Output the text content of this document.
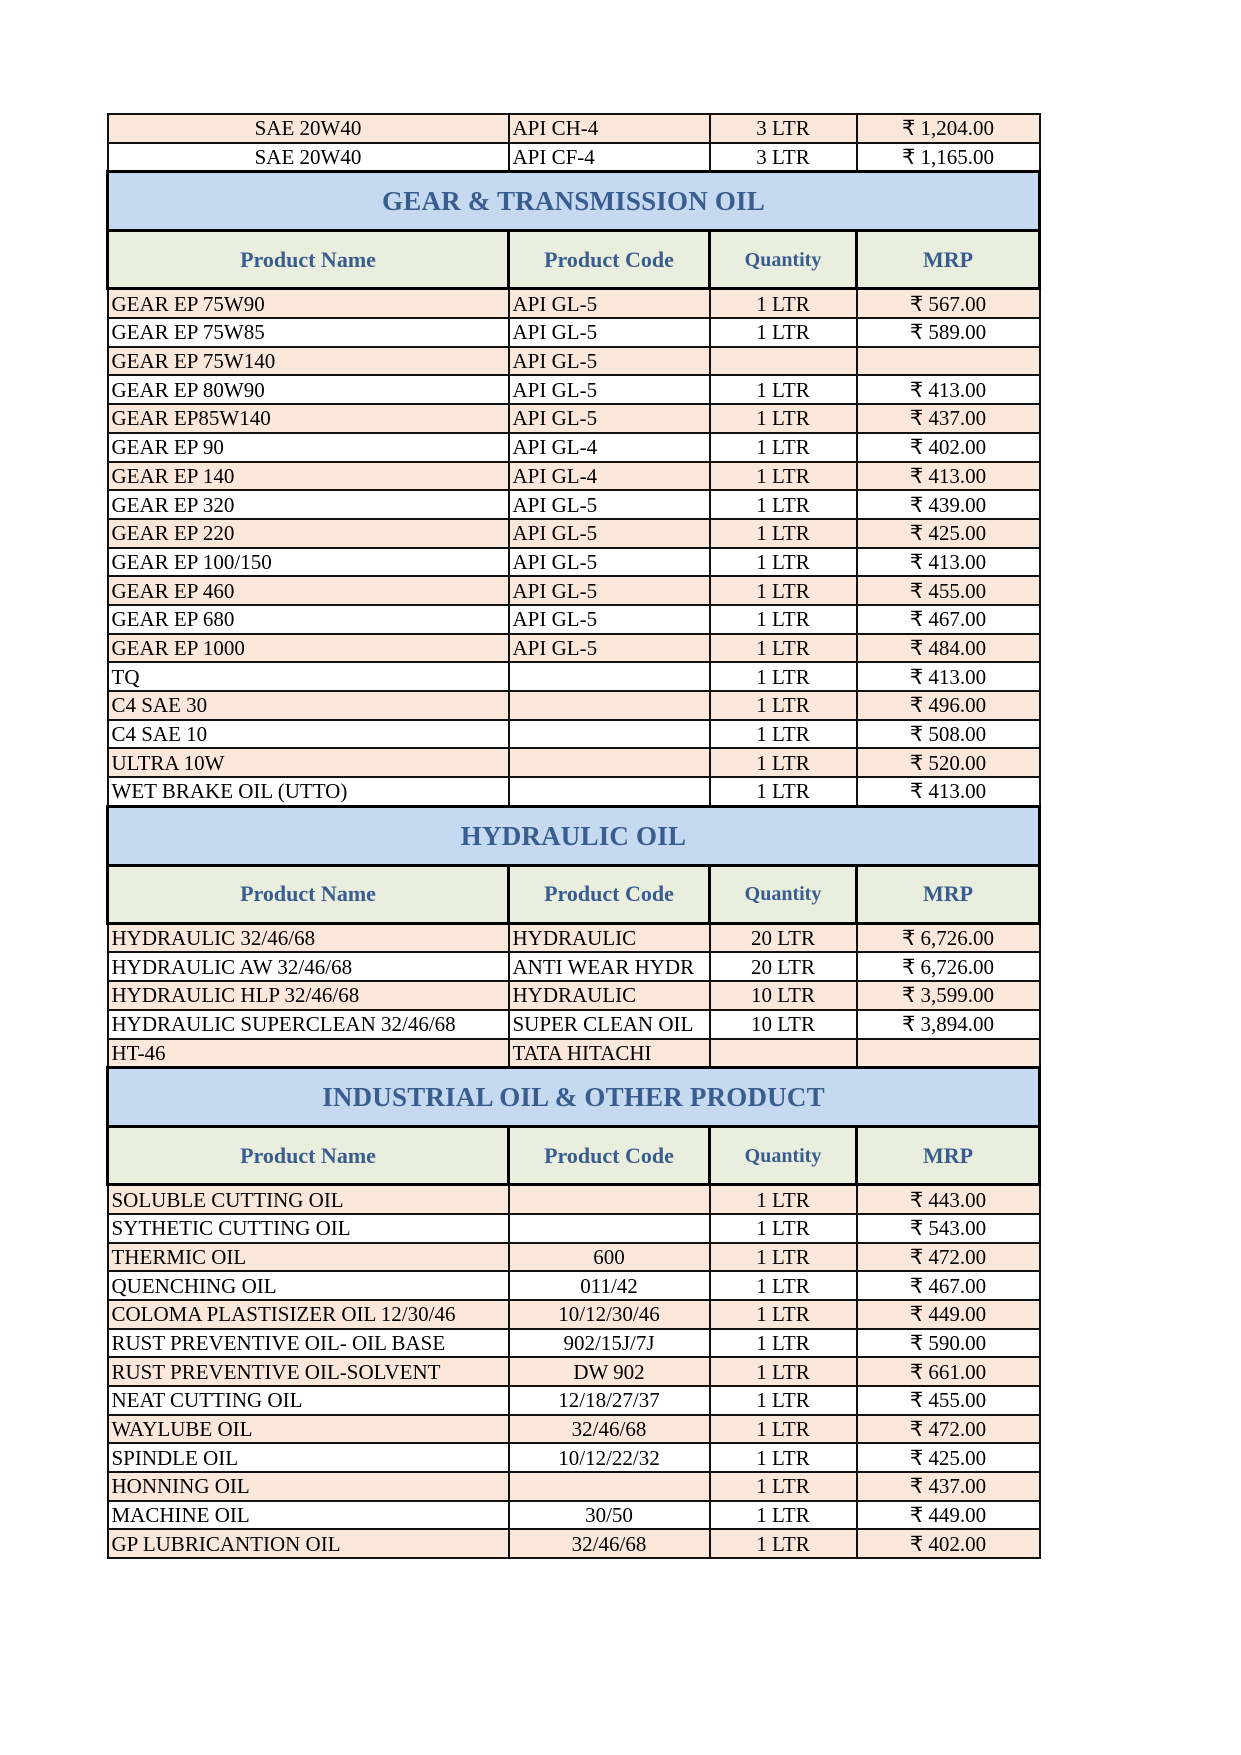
SAE 20W40	API CH-4	3 LTR	₹ 1,204.00
SAE 20W40	API CF-4	3 LTR	₹ 1,165.00
GEAR & TRANSMISSION OIL			
Product Name	Product Code	Quantity	MRP
GEAR EP 75W90	API GL-5	1 LTR	₹ 567.00
GEAR EP 75W85	API GL-5	1 LTR	₹ 589.00
GEAR EP 75W140	API GL-5		
GEAR EP 80W90	API GL-5	1 LTR	₹ 413.00
GEAR EP85W140	API GL-5	1 LTR	₹ 437.00
GEAR EP 90	API GL-4	1 LTR	₹ 402.00
GEAR EP 140	API GL-4	1 LTR	₹ 413.00
GEAR EP 320	API GL-5	1 LTR	₹ 439.00
GEAR EP 220	API GL-5	1 LTR	₹ 425.00
GEAR EP 100/150	API GL-5	1 LTR	₹ 413.00
GEAR EP 460	API GL-5	1 LTR	₹ 455.00
GEAR EP 680	API GL-5	1 LTR	₹ 467.00
GEAR EP 1000	API GL-5	1 LTR	₹ 484.00
TQ		1 LTR	₹ 413.00
C4 SAE 30		1 LTR	₹ 496.00
C4 SAE 10		1 LTR	₹ 508.00
ULTRA 10W		1 LTR	₹ 520.00
WET BRAKE OIL (UTTO)		1 LTR	₹ 413.00
HYDRAULIC OIL			
Product Name	Product Code	Quantity	MRP
HYDRAULIC 32/46/68	HYDRAULIC	20 LTR	₹ 6,726.00
HYDRAULIC AW 32/46/68	ANTI WEAR HYDR	20 LTR	₹ 6,726.00
HYDRAULIC HLP 32/46/68	HYDRAULIC	10 LTR	₹ 3,599.00
HYDRAULIC SUPERCLEAN 32/46/68	SUPER CLEAN OIL	10 LTR	₹ 3,894.00
HT-46	TATA HITACHI		
INDUSTRIAL OIL & OTHER PRODUCT			
Product Name	Product Code	Quantity	MRP
SOLUBLE CUTTING OIL		1 LTR	₹ 443.00
SYTHETIC CUTTING OIL		1 LTR	₹ 543.00
THERMIC OIL	600	1 LTR	₹ 472.00
QUENCHING OIL	011/42	1 LTR	₹ 467.00
COLOMA PLASTISIZER OIL 12/30/46	10/12/30/46	1 LTR	₹ 449.00
RUST PREVENTIVE OIL- OIL BASE	902/15J/7J	1 LTR	₹ 590.00
RUST PREVENTIVE OIL-SOLVENT	DW 902	1 LTR	₹ 661.00
NEAT CUTTING OIL	12/18/27/37	1 LTR	₹ 455.00
WAYLUBE OIL	32/46/68	1 LTR	₹ 472.00
SPINDLE OIL	10/12/22/32	1 LTR	₹ 425.00
HONNING OIL		1 LTR	₹ 437.00
MACHINE OIL	30/50	1 LTR	₹ 449.00
GP LUBRICANTION OIL	32/46/68	1 LTR	₹ 402.00
